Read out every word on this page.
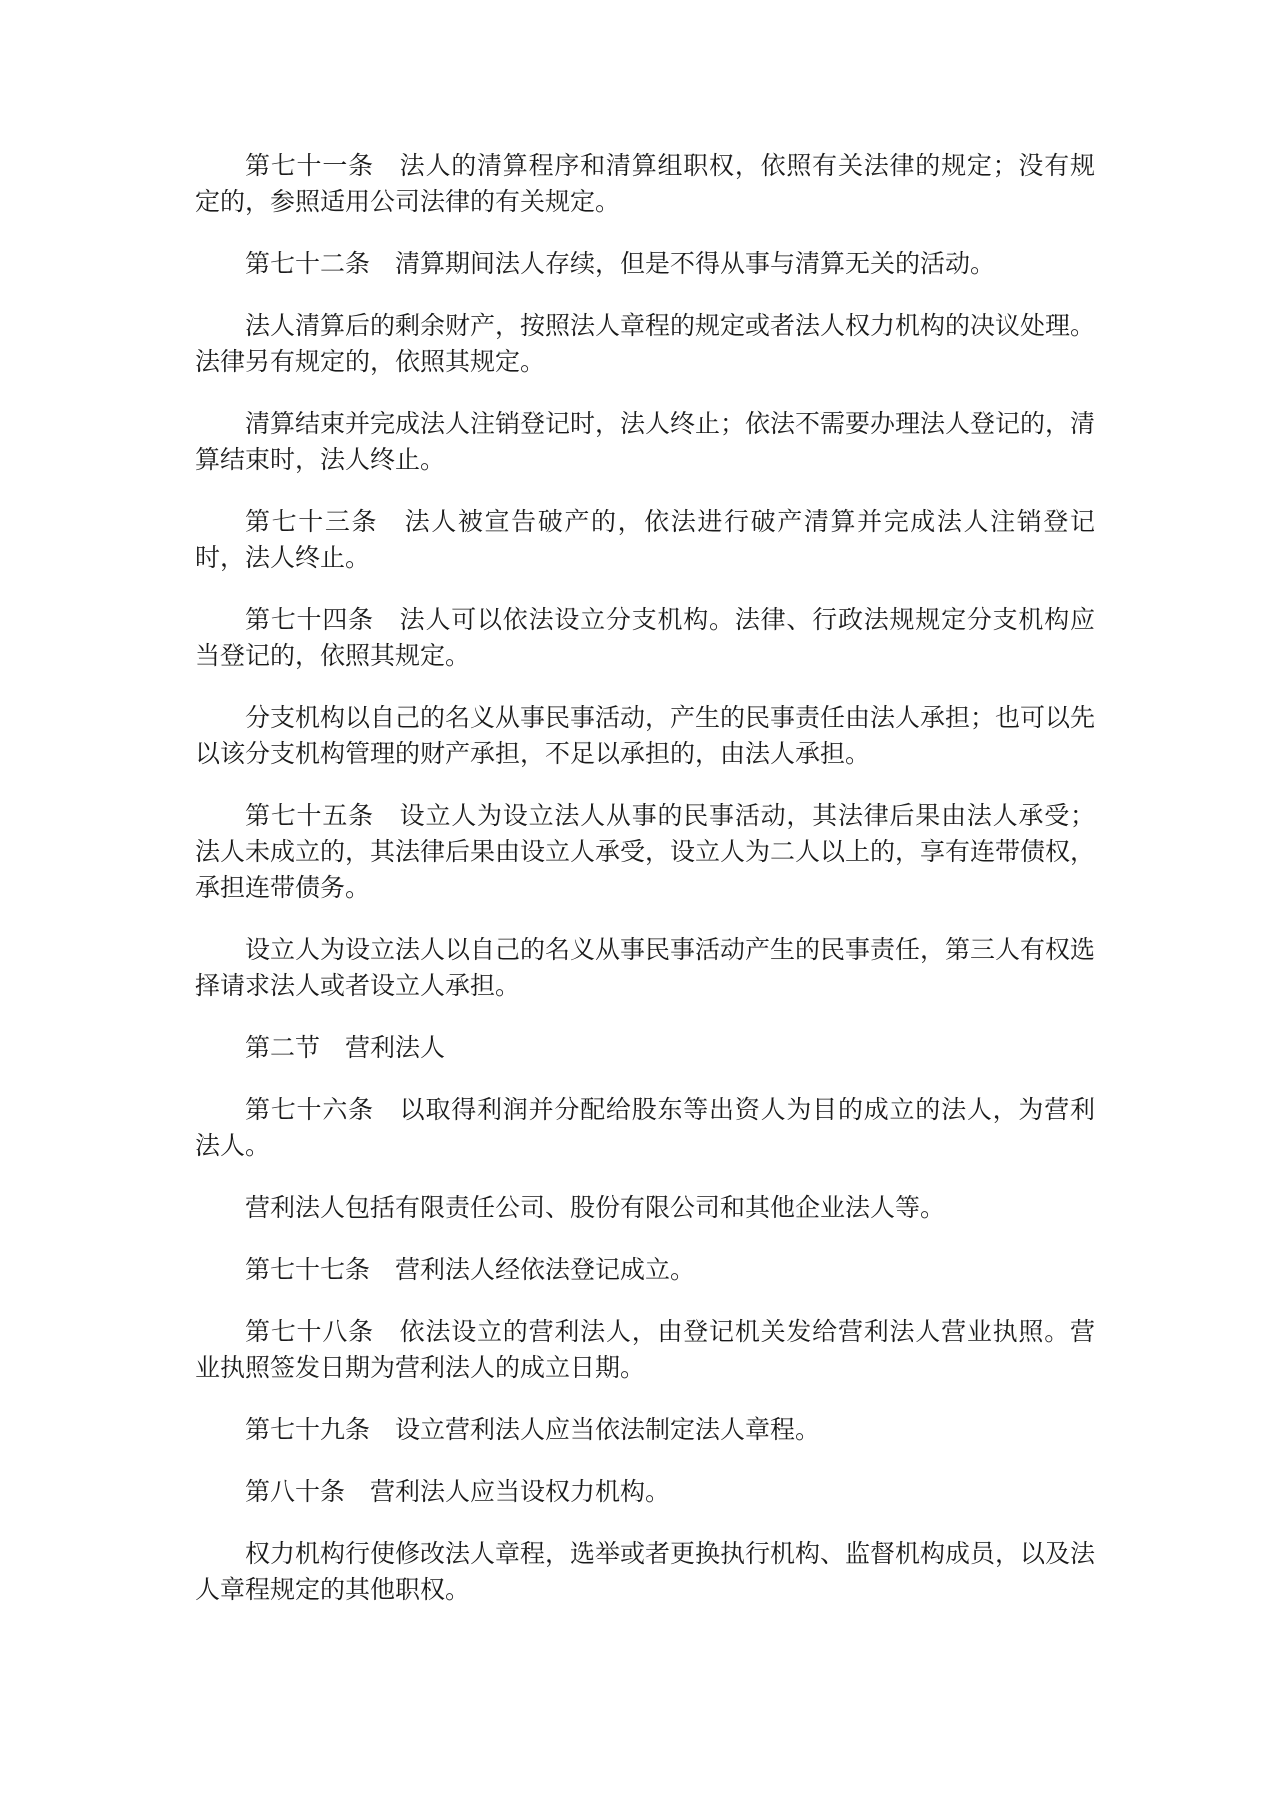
第七十一条 法人的清算程序和清算组职权，依照有关法律的规定；没有规定的，参照适用公司法律的有关规定。

第七十二条 清算期间法人存续，但是不得从事与清算无关的活动。

法人清算后的剩余财产，按照法人章程的规定或者法人权力机构的决议处理。法律另有规定的，依照其规定。

清算结束并完成法人注销登记时，法人终止；依法不需要办理法人登记的，清算结束时，法人终止。

第七十三条 法人被宣告破产的，依法进行破产清算并完成法人注销登记时，法人终止。

第七十四条 法人可以依法设立分支机构。法律、行政法规规定分支机构应当登记的，依照其规定。

分支机构以自己的名义从事民事活动，产生的民事责任由法人承担；也可以先以该分支机构管理的财产承担，不足以承担的，由法人承担。

第七十五条 设立人为设立法人从事的民事活动，其法律后果由法人承受；法人未成立的，其法律后果由设立人承受，设立人为二人以上的，享有连带债权，承担连带债务。

设立人为设立法人以自己的名义从事民事活动产生的民事责任，第三人有权选择请求法人或者设立人承担。

第二节 营利法人

第七十六条 以取得利润并分配给股东等出资人为目的成立的法人，为营利法人。

营利法人包括有限责任公司、股份有限公司和其他企业法人等。

第七十七条 营利法人经依法登记成立。

第七十八条 依法设立的营利法人，由登记机关发给营利法人营业执照。营业执照签发日期为营利法人的成立日期。

第七十九条 设立营利法人应当依法制定法人章程。

第八十条 营利法人应当设权力机构。

权力机构行使修改法人章程，选举或者更换执行机构、监督机构成员，以及法人章程规定的其他职权。
